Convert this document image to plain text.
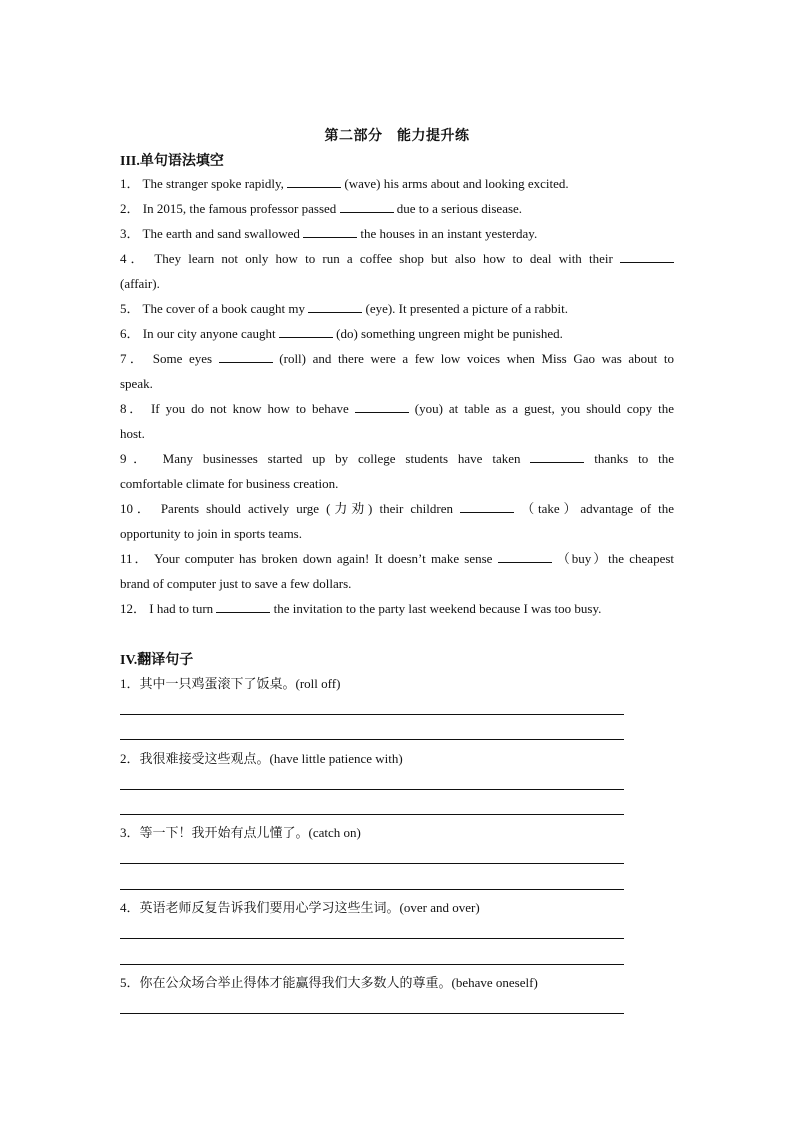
第二部分　能力提升练
III.单句语法填空
1． The stranger spoke rapidly,	(wave) his arms about and looking excited.
2． In 2015, the famous professor passed	due to a serious disease.
3． The earth and sand swallowed	the houses in an instant yesterday.
4． They learn not only how to run a coffee shop but also how to deal with their
(affair).
5． The cover of a book caught my	(eye). It presented a picture of a rabbit.
6． In our city anyone caught	(do) something ungreen might be punished.
7． Some eyes	(roll) and there were a few low voices when Miss Gao was about to
speak.
8． If you do not know how to behave	(you) at table as a guest, you should copy the
host.
9． Many businesses started up by college students have taken	thanks to the
comfortable climate for business creation.
10． Parents should actively urge (力劝) their children	（take）advantage of the
opportunity to join in sports teams.
11． Your computer has broken down again! It doesn’t make sense	（buy）the cheapest
brand of computer just to save a few dollars.
12． I had to turn	the invitation to the party last weekend because I was too busy.
IV.翻译句子
1．其中一只鸡蛋滚下了饭桌。(roll off)
2．我很难接受这些观点。(have little patience with)
3．等一下！我开始有点儿懂了。(catch on)
4．英语老师反复告诉我们要用心学习这些生词。(over and over)
5．你在公众场合举止得体才能赢得我们大多数人的尊重。(behave oneself)
